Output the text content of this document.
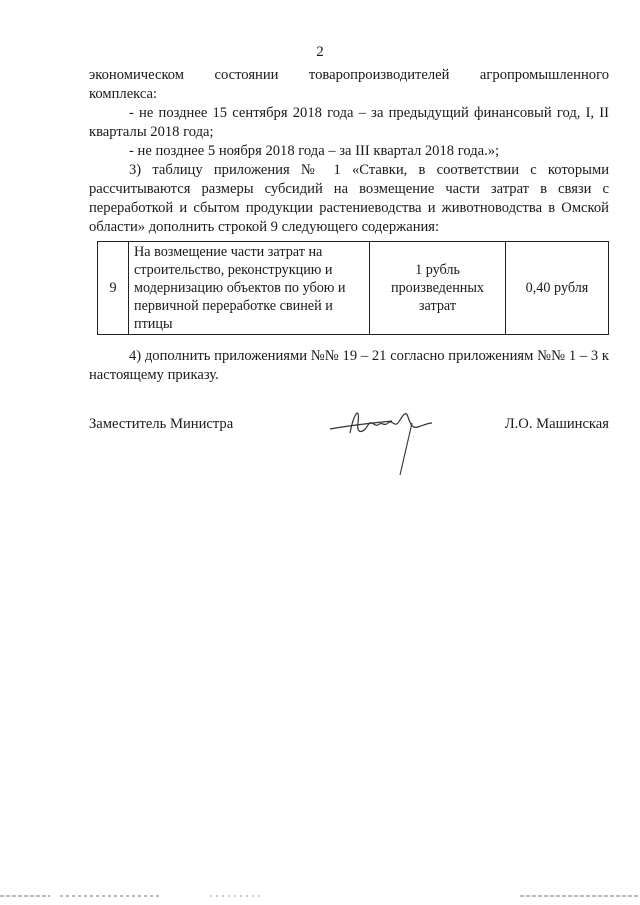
2

экономическом состоянии товаропроизводителей агропромышленного

комплекса:

- не позднее 15 сентября 2018 года – за предыдущий финансовый год, I, II кварталы 2018 года;

- не позднее 5 ноября 2018 года – за III квартал 2018 года.»;

3) таблицу приложения № 1 «Ставки, в соответствии с которыми рассчитываются размеры субсидий на возмещение части затрат в связи с переработкой и сбытом продукции растениеводства и животноводства в Омской области» дополнить строкой 9 следующего содержания:

9	На возмещение части затрат на строительство, реконструкцию и модернизацию объектов по убою и первичной переработке свиней и птицы	1 рубль произведенных затрат	0,40 рубля

4) дополнить приложениями №№ 19 – 21 согласно приложениям №№ 1 – 3 к настоящему приказу.

Заместитель Министра	Л.О. Машинская
